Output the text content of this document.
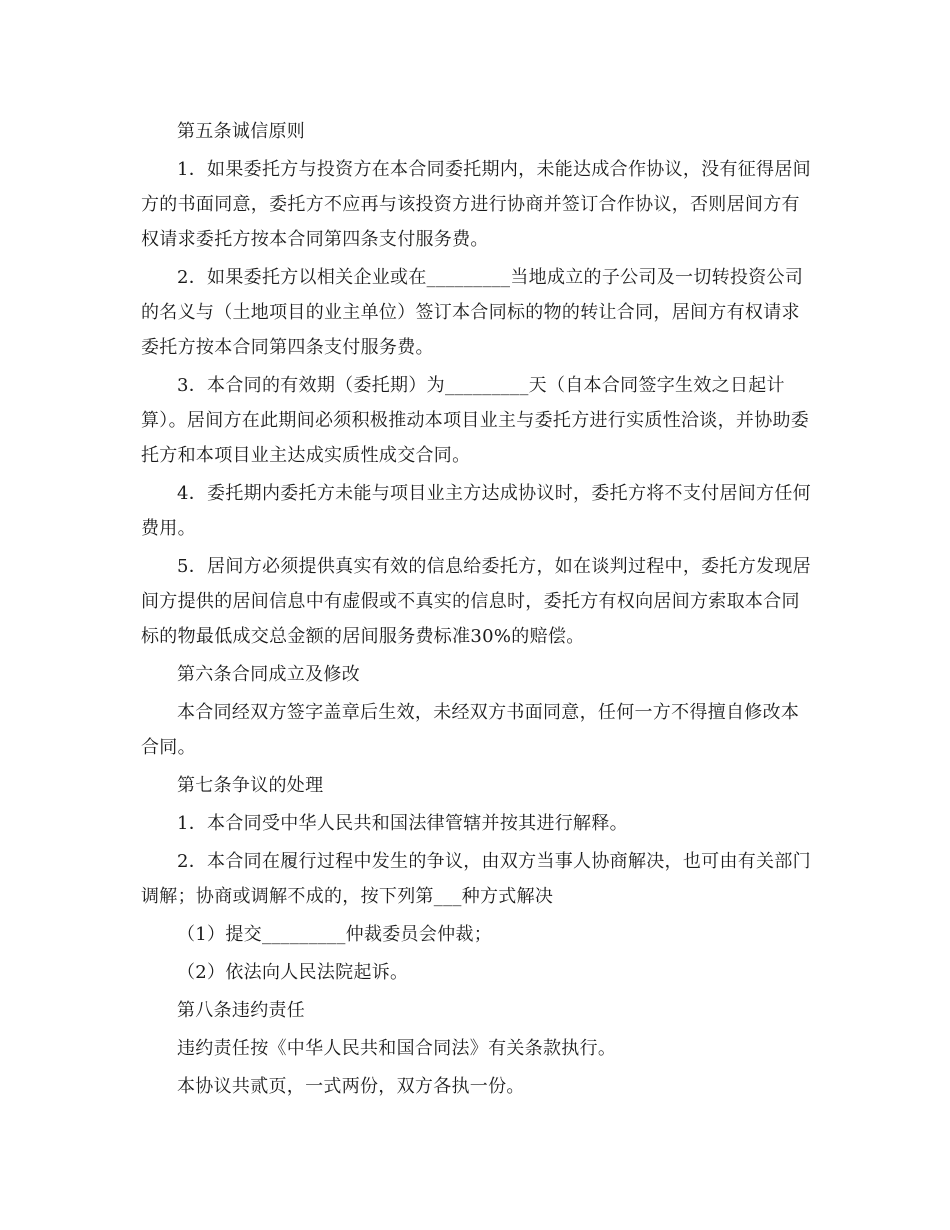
第五条诚信原则

1．如果委托方与投资方在本合同委托期内，未能达成合作协议，没有征得居间方的书面同意，委托方不应再与该投资方进行协商并签订合作协议，否则居间方有权请求委托方按本合同第四条支付服务费。

2．如果委托方以相关企业或在_________当地成立的子公司及一切转投资公司的名义与（土地项目的业主单位）签订本合同标的物的转让合同，居间方有权请求委托方按本合同第四条支付服务费。

3．本合同的有效期（委托期）为_________天（自本合同签字生效之日起计算）。居间方在此期间必须积极推动本项目业主与委托方进行实质性洽谈，并协助委托方和本项目业主达成实质性成交合同。

4．委托期内委托方未能与项目业主方达成协议时，委托方将不支付居间方任何费用。

5．居间方必须提供真实有效的信息给委托方，如在谈判过程中，委托方发现居间方提供的居间信息中有虚假或不真实的信息时，委托方有权向居间方索取本合同标的物最低成交总金额的居间服务费标准30%的赔偿。

第六条合同成立及修改

本合同经双方签字盖章后生效，未经双方书面同意，任何一方不得擅自修改本合同。

第七条争议的处理

1．本合同受中华人民共和国法律管辖并按其进行解释。

2．本合同在履行过程中发生的争议，由双方当事人协商解决，也可由有关部门调解；协商或调解不成的，按下列第___种方式解决

（1）提交_________仲裁委员会仲裁；

（2）依法向人民法院起诉。

第八条违约责任

违约责任按《中华人民共和国合同法》有关条款执行。

本协议共贰页，一式两份，双方各执一份。
